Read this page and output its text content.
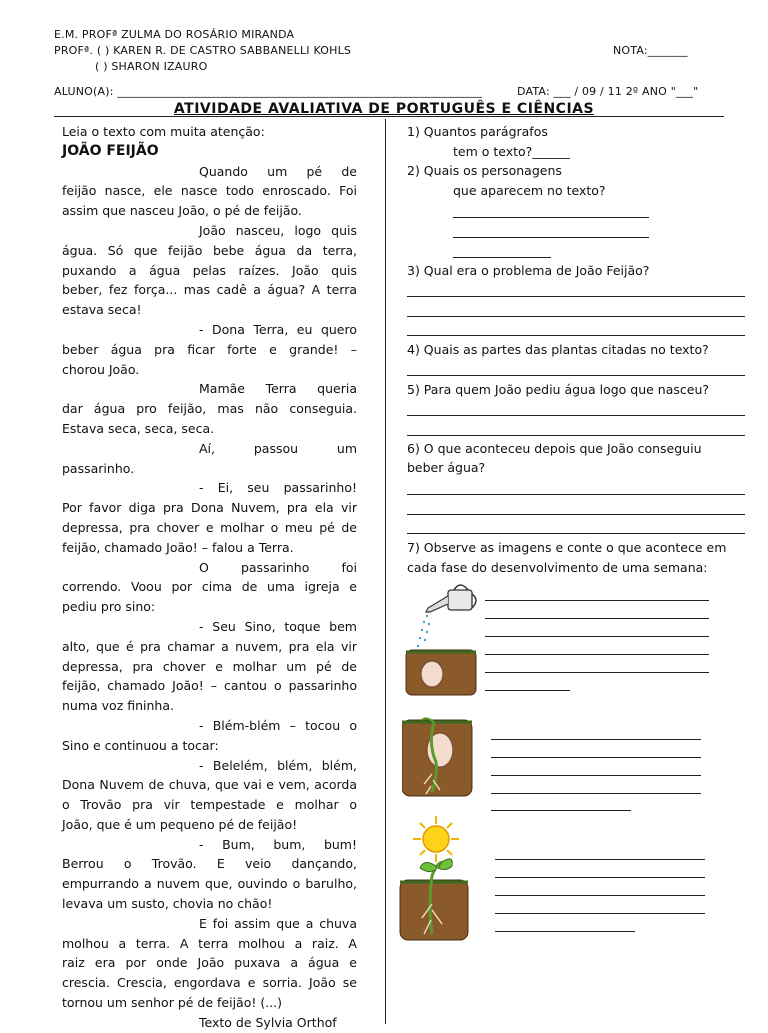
E.M. PROFª ZULMA DO ROSÁRIO MIRANDA
PROFª. ( ) KAREN R. DE CASTRO SABBANELLI KOHLS
( ) SHARON IZAURO
NOTA:_______
ALUNO(A): ________________________________________________________________	DATA: ___ / 09 / 11 2º ANO "___"
ATIVIDADE AVALIATIVA DE PORTUGUÊS E CIÊNCIAS

Leia o texto com muita atenção:

JOÃO FEIJÃO

Quando um pé de

feijão nasce, ele nasce todo enroscado. Foi

assim que nasceu João, o pé de feijão.

João nasceu, logo quis

água. Só que feijão bebe água da terra,

puxando a água pelas raízes. João quis

beber, fez força... mas cadê a água? A terra

estava seca!

- Dona Terra, eu quero

beber água pra ficar forte e grande! –

chorou João.

Mamãe Terra queria

dar água pro feijão, mas não conseguia.

Estava seca, seca, seca.

Aí, passou um

passarinho.

- Ei, seu passarinho!

Por favor diga pra Dona Nuvem, pra ela vir

depressa, pra chover e molhar o meu pé de

feijão, chamado João! – falou a Terra.

O passarinho foi

correndo. Voou por cima de uma igreja e

pediu pro sino:

- Seu Sino, toque bem

alto, que é pra chamar a nuvem, pra ela vir

depressa, pra chover e molhar um pé de

feijão, chamado João! – cantou o passarinho

numa voz fininha.

- Blém-blém – tocou o

Sino e continuou a tocar:

- Belelém, blém, blém,

Dona Nuvem de chuva, que vai e vem, acorda

o Trovão pra vir tempestade e molhar o

João, que é um pequeno pé de feijão!

- Bum, bum, bum!

Berrou o Trovão. E veio dançando,

empurrando a nuvem que, ouvindo o barulho,

levava um susto, chovia no chão!

E foi assim que a chuva

molhou a terra. A terra molhou a raiz. A

raiz era por onde João puxava a água e

crescia. Crescia, engordava e sorria. João se

tornou um senhor pé de feijão! (...)

Texto de Sylvia Orthof

1) Quantos parágrafos
tem o texto?______
2) Quais os personagens
que aparecem no texto?
3) Qual era o problema de João Feijão?
4) Quais as partes das plantas citadas no texto?
5) Para quem João pediu água logo que nasceu?
6) O que aconteceu depois que João conseguiu
beber água?
7) Observe as imagens e conte o que acontece em
cada fase do desenvolvimento de uma semana:
